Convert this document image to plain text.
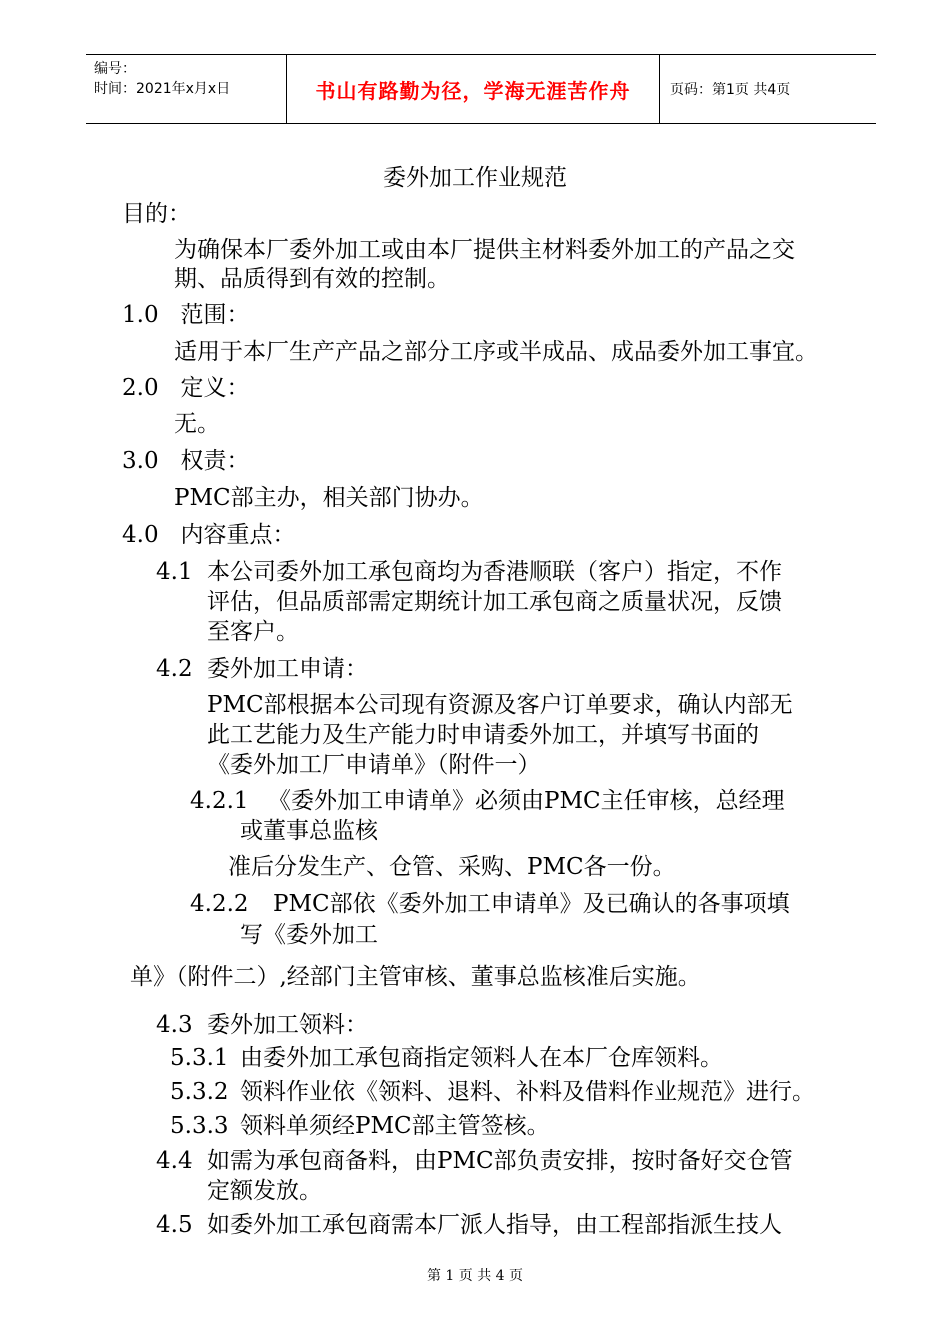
编号：
时间：2021年x月x日	书山有路勤为径，学海无涯苦作舟	页码：第1页 共4页
委外加工作业规范
目的：
为确保本厂委外加工或由本厂提供主材料委外加工的产品之交
期、品质得到有效的控制。
1.0 范围：
适用于本厂生产产品之部分工序或半成品、成品委外加工事宜。
2.0 定义：
无。
3.0 权责：
PMC部主办，相关部门协办。
4.0 内容重点：
4.1 本公司委外加工承包商均为香港顺联（客户）指定，不作
评估，但品质部需定期统计加工承包商之质量状况，反馈
至客户。
4.2 委外加工申请：
PMC部根据本公司现有资源及客户订单要求，确认内部无
此工艺能力及生产能力时申请委外加工，并填写书面的
《委外加工厂申请单》（附件一）
4.2.1 《委外加工申请单》必须由PMC主任审核，总经理
或董事总监核
准后分发生产、仓管、采购、PMC各一份。
4.2.2 PMC部依《委外加工申请单》及已确认的各事项填
写《委外加工
单》（附件二）,经部门主管审核、董事总监核准后实施。
4.3 委外加工领料：
5.3.1 由委外加工承包商指定领料人在本厂仓库领料。
5.3.2 领料作业依《领料、退料、补料及借料作业规范》进行。
5.3.3 领料单须经PMC部主管签核。
4.4 如需为承包商备料，由PMC部负责安排，按时备好交仓管
定额发放。
4.5 如委外加工承包商需本厂派人指导，由工程部指派生技人
第 1 页 共 4 页
